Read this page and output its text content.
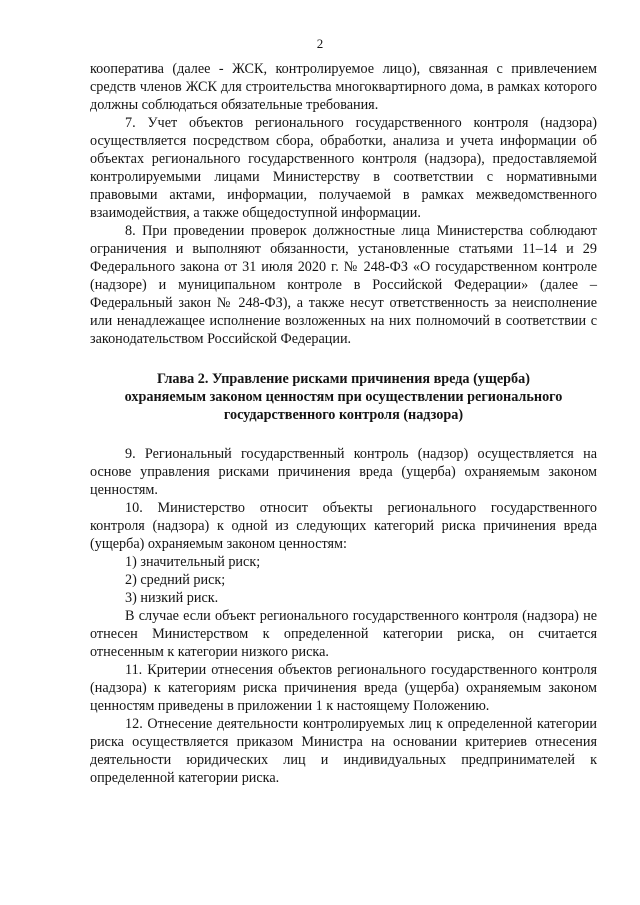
2

кооператива (далее - ЖСК, контролируемое лицо), связанная с привлечением средств членов ЖСК для строительства многоквартирного дома, в рамках которого должны соблюдаться обязательные требования.

7. Учет объектов регионального государственного контроля (надзора) осуществляется посредством сбора, обработки, анализа и учета информации об объектах регионального государственного контроля (надзора), предоставляемой контролируемыми лицами Министерству в соответствии с нормативными правовыми актами, информации, получаемой в рамках межведомственного взаимодействия, а также общедоступной информации.

8. При проведении проверок должностные лица Министерства соблюдают ограничения и выполняют обязанности, установленные статьями 11–14 и 29 Федерального закона от 31 июля 2020 г. № 248-ФЗ «О государственном контроле (надзоре) и муниципальном контроле в Российской Федерации» (далее – Федеральный закон № 248-ФЗ), а также несут ответственность за неисполнение или ненадлежащее исполнение возложенных на них полномочий в соответствии с законодательством Российской Федерации.

Глава 2. Управление рисками причинения вреда (ущерба)
охраняемым законом ценностям при осуществлении регионального
государственного контроля (надзора)

9. Региональный государственный контроль (надзор) осуществляется на основе управления рисками причинения вреда (ущерба) охраняемым законом ценностям.

10. Министерство относит объекты регионального государственного контроля (надзора) к одной из следующих категорий риска причинения вреда (ущерба) охраняемым законом ценностям:

1) значительный риск;

2) средний риск;

3) низкий риск.

В случае если объект регионального государственного контроля (надзора) не отнесен Министерством к определенной категории риска, он считается отнесенным к категории низкого риска.

11. Критерии отнесения объектов регионального государственного контроля (надзора) к категориям риска причинения вреда (ущерба) охраняемым законом ценностям приведены в приложении 1 к настоящему Положению.

12. Отнесение деятельности контролируемых лиц к определенной категории риска осуществляется приказом Министра на основании критериев отнесения деятельности юридических лиц и индивидуальных предпринимателей к определенной категории риска.
